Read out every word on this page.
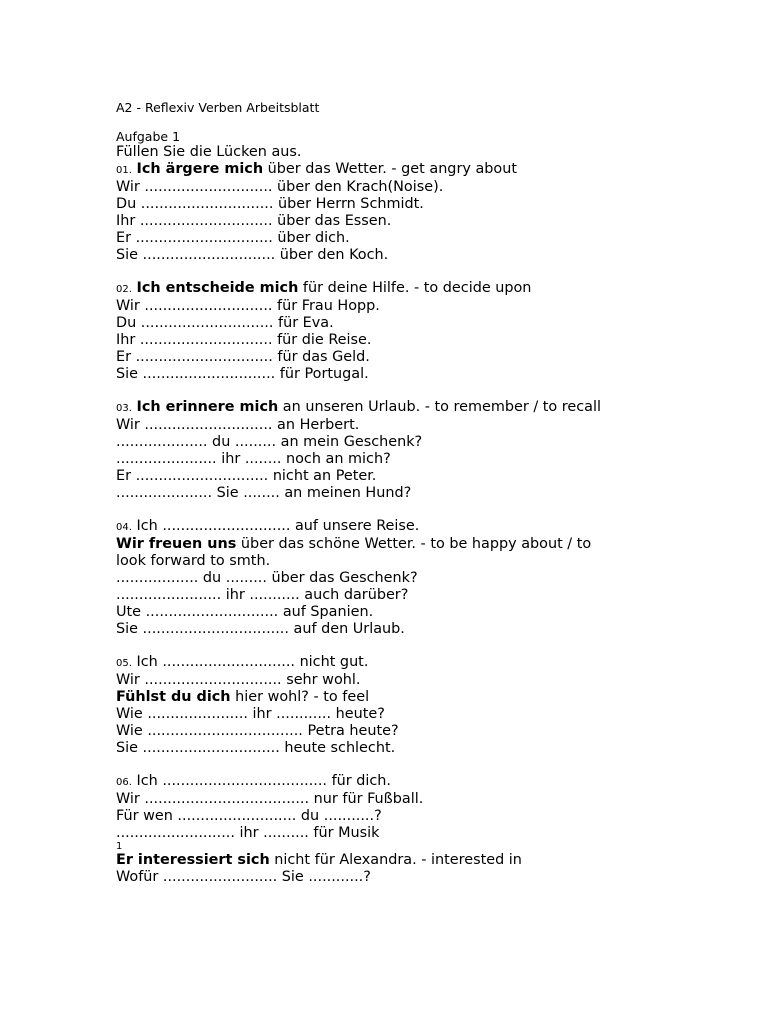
A2 - Reflexiv Verben Arbeitsblatt
Aufgabe 1
Füllen Sie die Lücken aus.
01. Ich ärgere mich über das Wetter. - get angry about
Wir ............................ über den Krach(Noise).
Du ............................. über Herrn Schmidt.
Ihr ............................. über das Essen.
Er .............................. über dich.
Sie ............................. über den Koch.
02. Ich entscheide mich für deine Hilfe. - to decide upon
Wir ............................ für Frau Hopp.
Du ............................. für Eva.
Ihr ............................. für die Reise.
Er .............................. für das Geld.
Sie ............................. für Portugal.
03. Ich erinnere mich an unseren Urlaub. - to remember / to recall
Wir ............................ an Herbert.
.................... du ......... an mein Geschenk?
...................... ihr ........ noch an mich?
Er ............................. nicht an Peter.
..................... Sie ........ an meinen Hund?
04. Ich ............................ auf unsere Reise.
Wir freuen uns über das schöne Wetter. - to be happy about / to
look forward to smth.
.................. du ......... über das Geschenk?
....................... ihr ........... auch darüber?
Ute ............................. auf Spanien.
Sie ................................ auf den Urlaub.
05. Ich ............................. nicht gut.
Wir .............................. sehr wohl.
Fühlst du dich hier wohl? - to feel
Wie ...................... ihr ............ heute?
Wie .................................. Petra heute?
Sie .............................. heute schlecht.
06. Ich .................................... für dich.
Wir .................................... nur für Fußball.
Für wen .......................... du ...........?
.......................... ihr .......... für Musik
1
Er interessiert sich nicht für Alexandra. - interested in
Wofür ......................... Sie ............?
